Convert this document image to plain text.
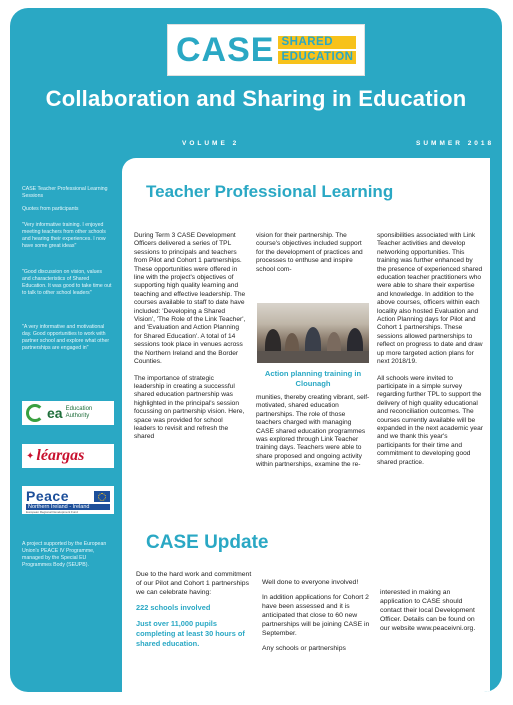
CASE SHARED
EDUCATION
Collaboration and Sharing in Education
VOLUME 2	SUMMER 2018
CASE Teacher Professional Learning Sessions
Quotes from participants
"Very informative training. I enjoyed meeting teachers from other schools and hearing their experiences. I now have some great ideas"
"Good discussion on vision, values and characteristics of Shared Education. It was good to take time out to talk to other school leaders"
"A very informative and motivational day. Good opportunities to work with partner school and explore what other partnerships are engaged in"
ea Education
Authority
✦ léargas
Peace
Northern Ireland - Ireland
European Regional Development Fund
A project supported by the European Union's PEACE IV Programme, managed by the Special EU Programmes Body (SEUPB).
Teacher Professional Learning

During Term 3 CASE Development Officers delivered a series of TPL sessions to principals and teachers from Pilot and Cohort 1 partnerships. These opportunities were offered in line with the project's objectives of supporting high quality learning and teaching and effective leadership. The courses available to staff to date have included: 'Developing a Shared Vision', 'The Role of the Link Teacher', and 'Evaluation and Action Planning for Shared Education'. A total of 14 sessions took place in venues across the Northern Ireland and the Border Counties.

The importance of strategic leadership in creating a successful shared education partnership was highlighted in the principal's session focussing on partnership vision. Here, space was provided for school leaders to revisit and refresh the shared

vision for their partnership. The course's objectives included support for the development of practices and processes to enthuse and inspire school com-
Action planning training in Clounagh
munities, thereby creating vibrant, self-motivated, shared education partnerships. The role of those teachers charged with managing CASE shared education programmes was explored through Link Teacher training days. Teachers were able to share proposed and ongoing activity within partnerships, examine the re-

sponsibilities associated with Link Teacher activities and develop networking opportunities. This training was further enhanced by the presence of experienced shared education teacher practitioners who were able to share their expertise and knowledge. In addition to the above courses, officers within each locality also hosted Evaluation and Action Planning days for Pilot and Cohort 1 partnerships. These sessions allowed partnerships to reflect on progress to date and draw up more targeted action plans for next 2018/19.

All schools were invited to participate in a simple survey regarding further TPL to support the delivery of high quality educational and reconciliation outcomes. The courses currently available will be expanded in the next academic year and we thank this year's participants for their time and commitment to developing good shared practice.

CASE Update

Due to the hard work and commitment of our Pilot and Cohort 1 partnerships we can celebrate having:

222 schools involved

Just over 11,000 pupils completing at least 30 hours of shared education.

Well done to everyone involved!

In addition applications for Cohort 2 have been assessed and it is anticipated that close to 60 new partnerships will be joining CASE in September.

Any schools or partnerships

interested in making an application to CASE should contact their local Development Officer. Details can be found on our website www.peaceivni.org.
